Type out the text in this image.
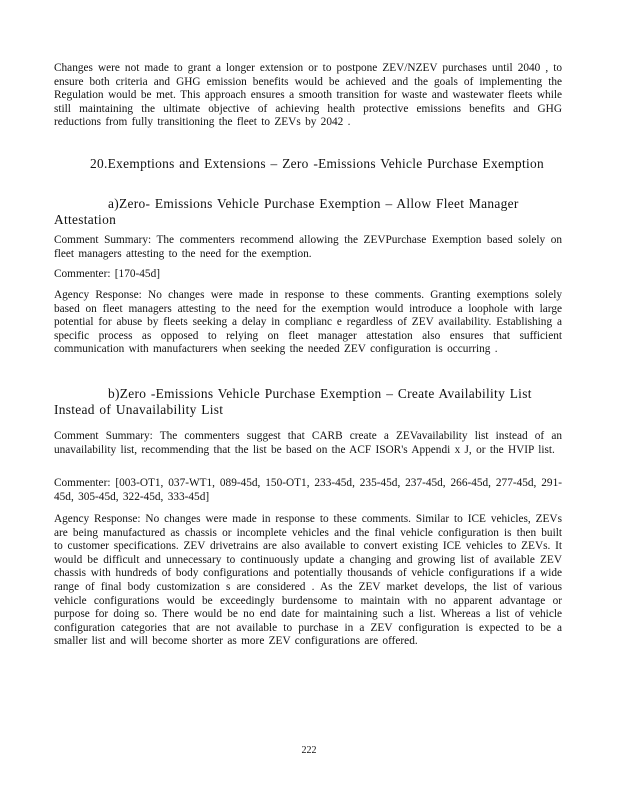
Changes were not made to grant a longer extension or to postpone ZEV/NZEV purchases until 2040 , to ensure both criteria and GHG emission benefits would be achieved and the goals of implementing the Regulation would be met. This approach ensures a smooth transition for waste and wastewater fleets while still maintaining the ultimate objective of achieving health protective emissions benefits and GHG reductions from fully transitioning the fleet to ZEVs by 2042 .

20.Exemptions and Extensions – Zero -Emissions Vehicle Purchase Exemption

a)Zero- Emissions Vehicle Purchase Exemption – Allow Fleet Manager Attestation

Comment Summary: The commenters recommend allowing the ZEVPurchase Exemption based solely on fleet managers attesting to the need for the exemption.

Commenter: [170-45d]

Agency Response: No changes were made in response to these comments. Granting exemptions solely based on fleet managers attesting to the need for the exemption would introduce a loophole with large potential for abuse by fleets seeking a delay in complianc e regardless of ZEV availability. Establishing a specific process as opposed to relying on fleet manager attestation also ensures that sufficient communication with manufacturers when seeking the needed ZEV configuration is occurring .

b)Zero -Emissions Vehicle Purchase Exemption – Create Availability List Instead of Unavailability List

Comment Summary: The commenters suggest that CARB create a ZEVavailability list instead of an unavailability list, recommending that the list be based on the ACF ISOR's Appendi x J, or the HVIP list.

Commenter: [003-OT1, 037-WT1, 089-45d, 150-OT1, 233-45d, 235-45d, 237-45d, 266-45d, 277-45d, 291-45d, 305-45d, 322-45d, 333-45d]

Agency Response: No changes were made in response to these comments. Similar to ICE vehicles, ZEVs are being manufactured as chassis or incomplete vehicles and the final vehicle configuration is then built to customer specifications. ZEV drivetrains are also available to convert existing ICE vehicles to ZEVs. It would be difficult and unnecessary to continuously update a changing and growing list of available ZEV chassis with hundreds of body configurations and potentially thousands of vehicle configurations if a wide range of final body customization s are considered . As the ZEV market develops, the list of various vehicle configurations would be exceedingly burdensome to maintain with no apparent advantage or purpose for doing so. There would be no end date for maintaining such a list. Whereas a list of vehicle configuration categories that are not available to purchase in a ZEV configuration is expected to be a smaller list and will become shorter as more ZEV configurations are offered.

222
